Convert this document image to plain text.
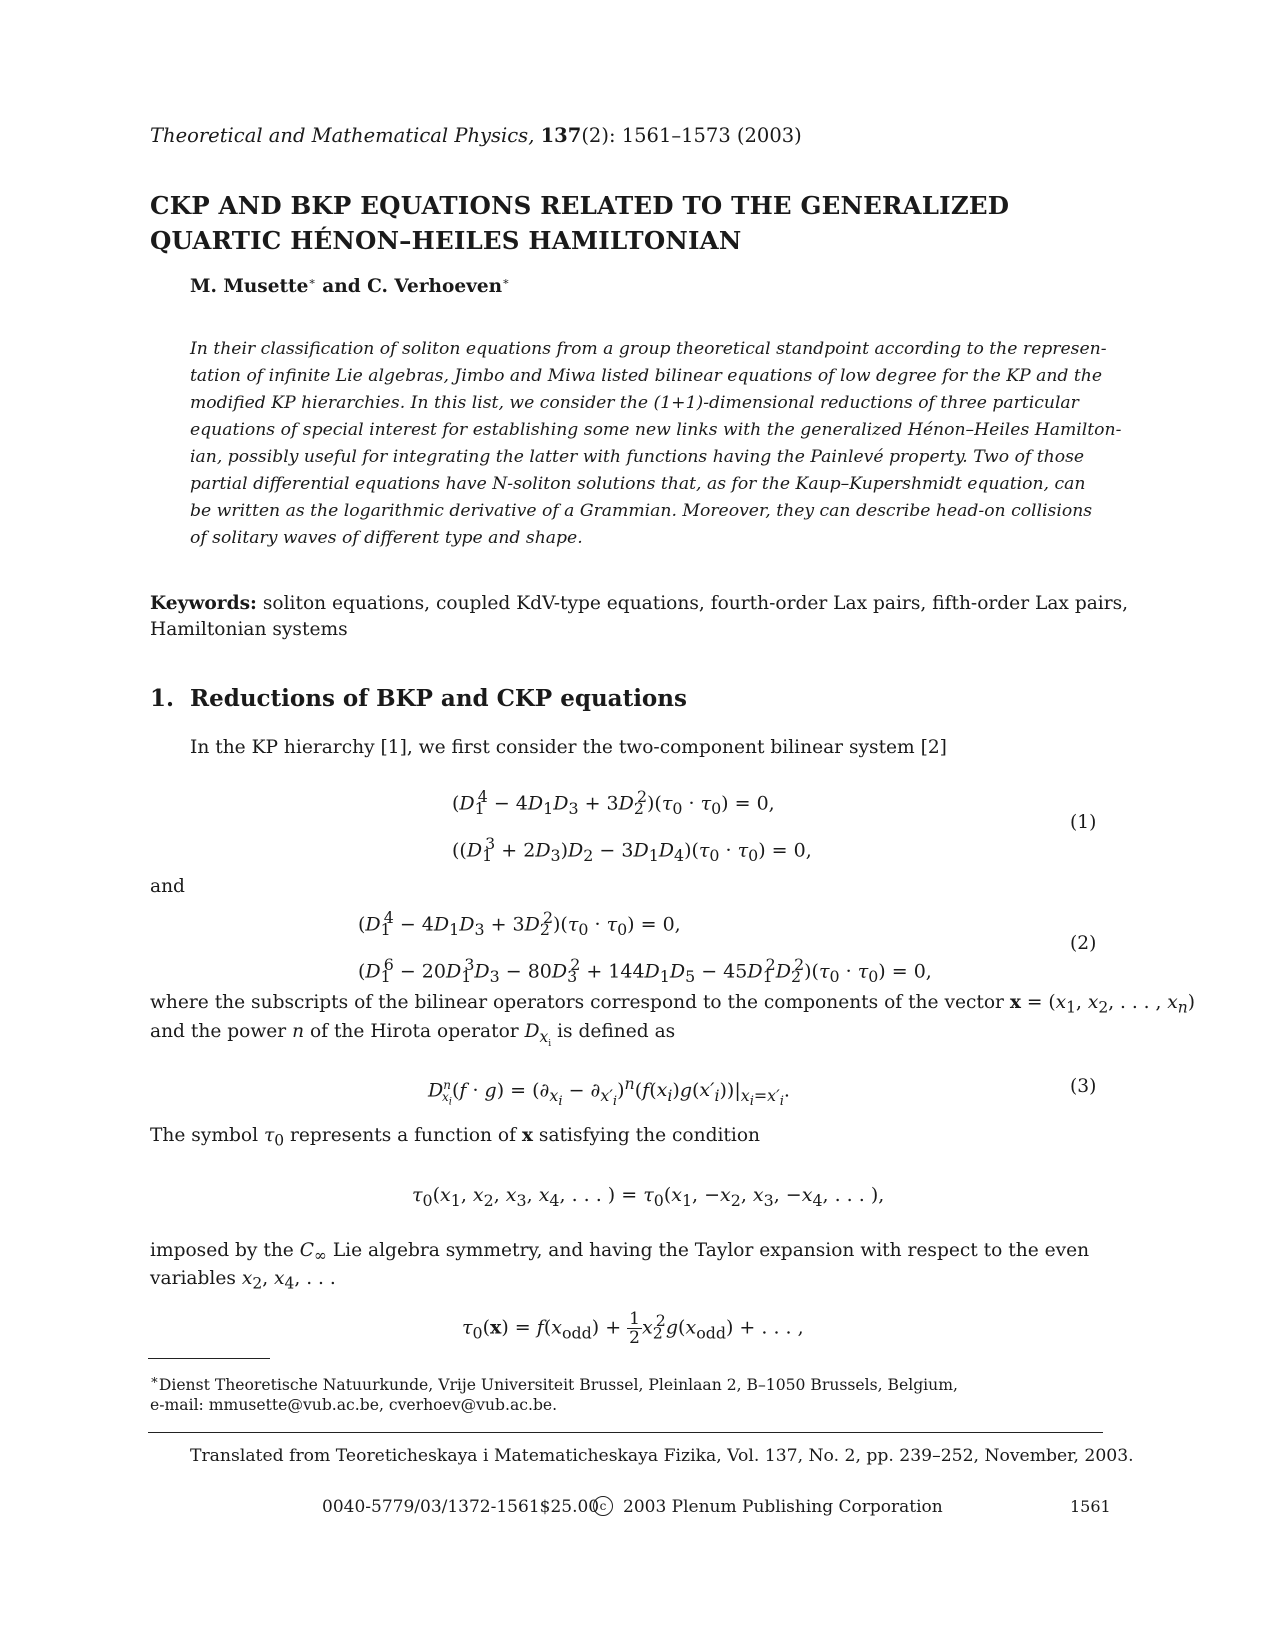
Theoretical and Mathematical Physics, 137(2): 1561–1573 (2003)
CKP AND BKP EQUATIONS RELATED TO THE GENERALIZED
QUARTIC HÉNON–HEILES HAMILTONIAN
M. Musette∗ and C. Verhoeven∗
In their classification of soliton equations from a group theoretical standpoint according to the represen-
tation of infinite Lie algebras, Jimbo and Miwa listed bilinear equations of low degree for the KP and the
modified KP hierarchies. In this list, we consider the (1+1)-dimensional reductions of three particular
equations of special interest for establishing some new links with the generalized Hénon–Heiles Hamilton-
ian, possibly useful for integrating the latter with functions having the Painlevé property. Two of those
partial differential equations have N-soliton solutions that, as for the Kaup–Kupershmidt equation, can
be written as the logarithmic derivative of a Grammian. Moreover, they can describe head-on collisions
of solitary waves of different type and shape.
Keywords: soliton equations, coupled KdV-type equations, fourth-order Lax pairs, fifth-order Lax pairs,
Hamiltonian systems
1. Reductions of BKP and CKP equations
In the KP hierarchy [1], we first consider the two-component bilinear system [2]
$(D_1^4 - 4D_1D_3 + 3D_2^2)(\tau_0 \cdot \tau_0) = 0$,
$((D_1^3 + 2D_3)D_2 - 3D_1D_4)(\tau_0 \cdot \tau_0) = 0$,
(1)
and
$(D_1^4 - 4D_1D_3 + 3D_2^2)(\tau_0 \cdot \tau_0) = 0$,
$(D_1^6 - 20D_1^3D_3 - 80D_3^2 + 144D_1D_5 - 45D_1^2D_2^2)(\tau_0 \cdot \tau_0) = 0$,
(2)
where the subscripts of the bilinear operators correspond to the components of the vector $x = (x_1$, $x_2$, . . . , $x_n$)
and the power n of the Hirota operator $D_{x_i}$ is defined as
$D^n_{x_i}(f \cdot g) = (\partial_{x_i} - \partial_{x'_i})^n(f(x_i)g(x'_i))|_{x_i=x'_i}$.	(3)
The symbol $\tau_0$ represents a function of x satisfying the condition
$\tau_0(x_1$, $x_2$, $x_3$, $x_4$, . . . ) = $\tau_0(x_1$, $-x_2$, $x_3$, $-x_4$, . . . ),
imposed by the $C_\infty$ Lie algebra symmetry, and having the Taylor expansion with respect to the even
variables $x_2$, $x_4$, . . .
$\tau_0(x) = f(x_{odd}) + \frac{1}{2} x_2^2g(x_{odd})$ + . . . ,
∗Dienst Theoretische Natuurkunde, Vrije Universiteit Brussel, Pleinlaan 2, B–1050 Brussels, Belgium,
e-mail: mmusette@vub.ac.be, cverhoev@vub.ac.be.
Translated from Teoreticheskaya i Matematicheskaya Fizika, Vol. 137, No. 2, pp. 239–252, November, 2003.
0040-5779/03/1372-1561$25.00 c 2003 Plenum Publishing Corporation	1561
